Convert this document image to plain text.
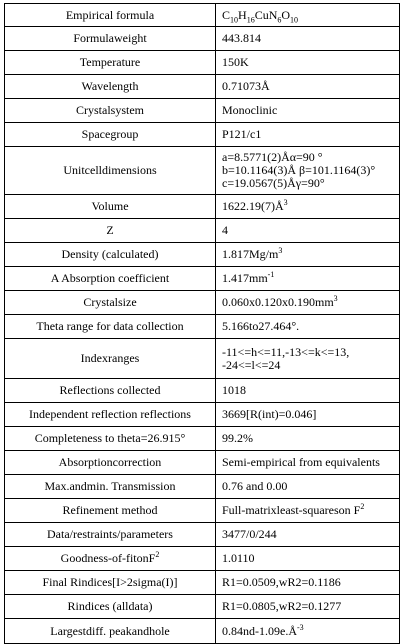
Empirical formula	$C_{10}H_{16}CuN_6O_{10}$
Formulaweight	443.814
Temperature	150K
Wavelength	0.71073Å
Crystalsystem	Monoclinic
Spacegroup	P121/c1
Unitcelldimensions	a=8.5771(2)Åα=90 °
b=10.1164(3)Å β=101.1164(3)°
c=19.0567(5)Åγ=90°

Volume	$1622.19(7)Å^3$
Z	4
Density (calculated)	$1.817Mg/m^3$
A Absorption coefficient	$1.417mm^{-1}$
Crystalsize	$0.060x0.120x0.190mm^3$
Theta range for data collection	5.166to27.464°.
Indexranges	-11<=h<=11,-13<=k<=13,
-24<=l<=24

Reflections collected	1018
Independent reflection reflections	3669[R(int)=0.046]
Completeness to theta=26.915°	99.2%
Absorptioncorrection	Semi-empirical from equivalents
Max.andmin. Transmission	0.76 and 0.00
Refinement method	Full-matrixleast-squareson $F^2$
Data/restraints/parameters	3477/0/244
Goodness-of-fitonF$^2$	1.0110
Final Rindices[I>2sigma(I)]	R1=0.0509,wR2=0.1186
Rindices (alldata)	R1=0.0805,wR2=0.1277
Largestdiff. peakandhole	$0.84nd-1.09e.Å^{-3}$
